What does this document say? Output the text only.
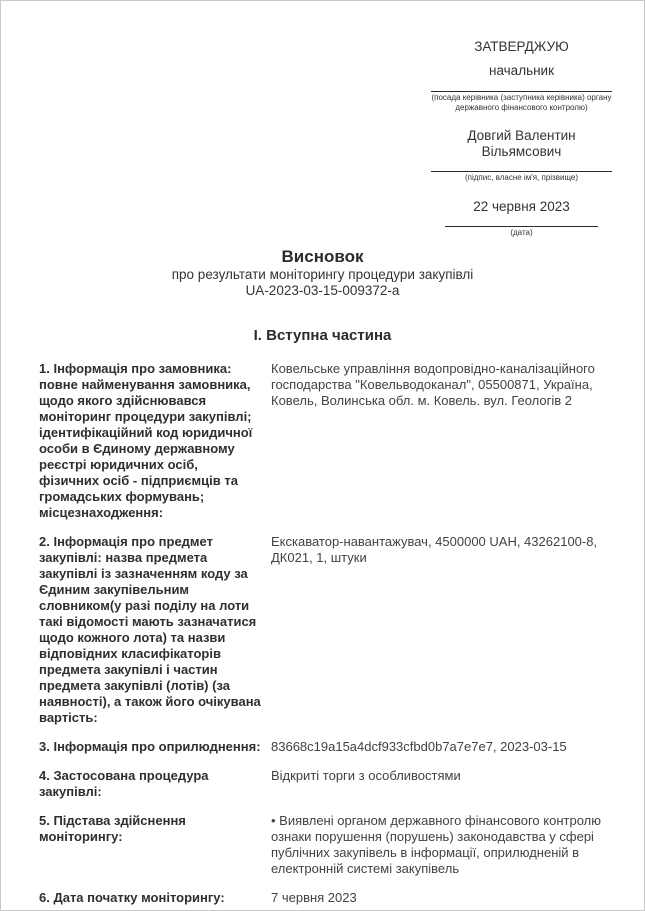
ЗАТВЕРДЖУЮ
начальник
(посада керівника (заступника керівника) органу державного фінансового контролю)
Довгий Валентин Вільямсович
(підпис, власне ім'я, прізвище)
22 червня 2023
(дата)
Висновок
про результати моніторингу процедури закупівлі
UA-2023-03-15-009372-a
I. Вступна частина
1. Інформація про замовника: повне найменування замовника, щодо якого здійснювався моніторинг процедури закупівлі; ідентифікаційний код юридичної особи в Єдиному державному реєстрі юридичних осіб, фізичних осіб - підприємців та громадських формувань; місцезнаходження:
Ковельське управління водопровідно-каналізаційного господарства "Ковельводоканал", 05500871, Україна, Ковель, Волинська обл. м. Ковель. вул. Геологів 2
2. Інформація про предмет закупівлі: назва предмета закупівлі із зазначенням коду за Єдиним закупівельним словником(у разі поділу на лоти такі відомості мають зазначатися щодо кожного лота) та назви відповідних класифікаторів предмета закупівлі і частин предмета закупівлі (лотів) (за наявності), а також його очікувана вартість:
Екскаватор-навантажувач, 4500000 UAH, 43262100-8, ДК021, 1, штуки
3. Інформація про оприлюднення: 83668c19a15a4dcf933cfbd0b7a7e7e7, 2023-03-15
4. Застосована процедура закупівлі:
Відкриті торги з особливостями
5. Підстава здійснення моніторингу:
• Виявлені органом державного фінансового контролю ознаки порушення (порушень) законодавства у сфері публічних закупівель в інформації, оприлюдненій в електронній системі закупівель
6. Дата початку моніторингу:	7 червня 2023
